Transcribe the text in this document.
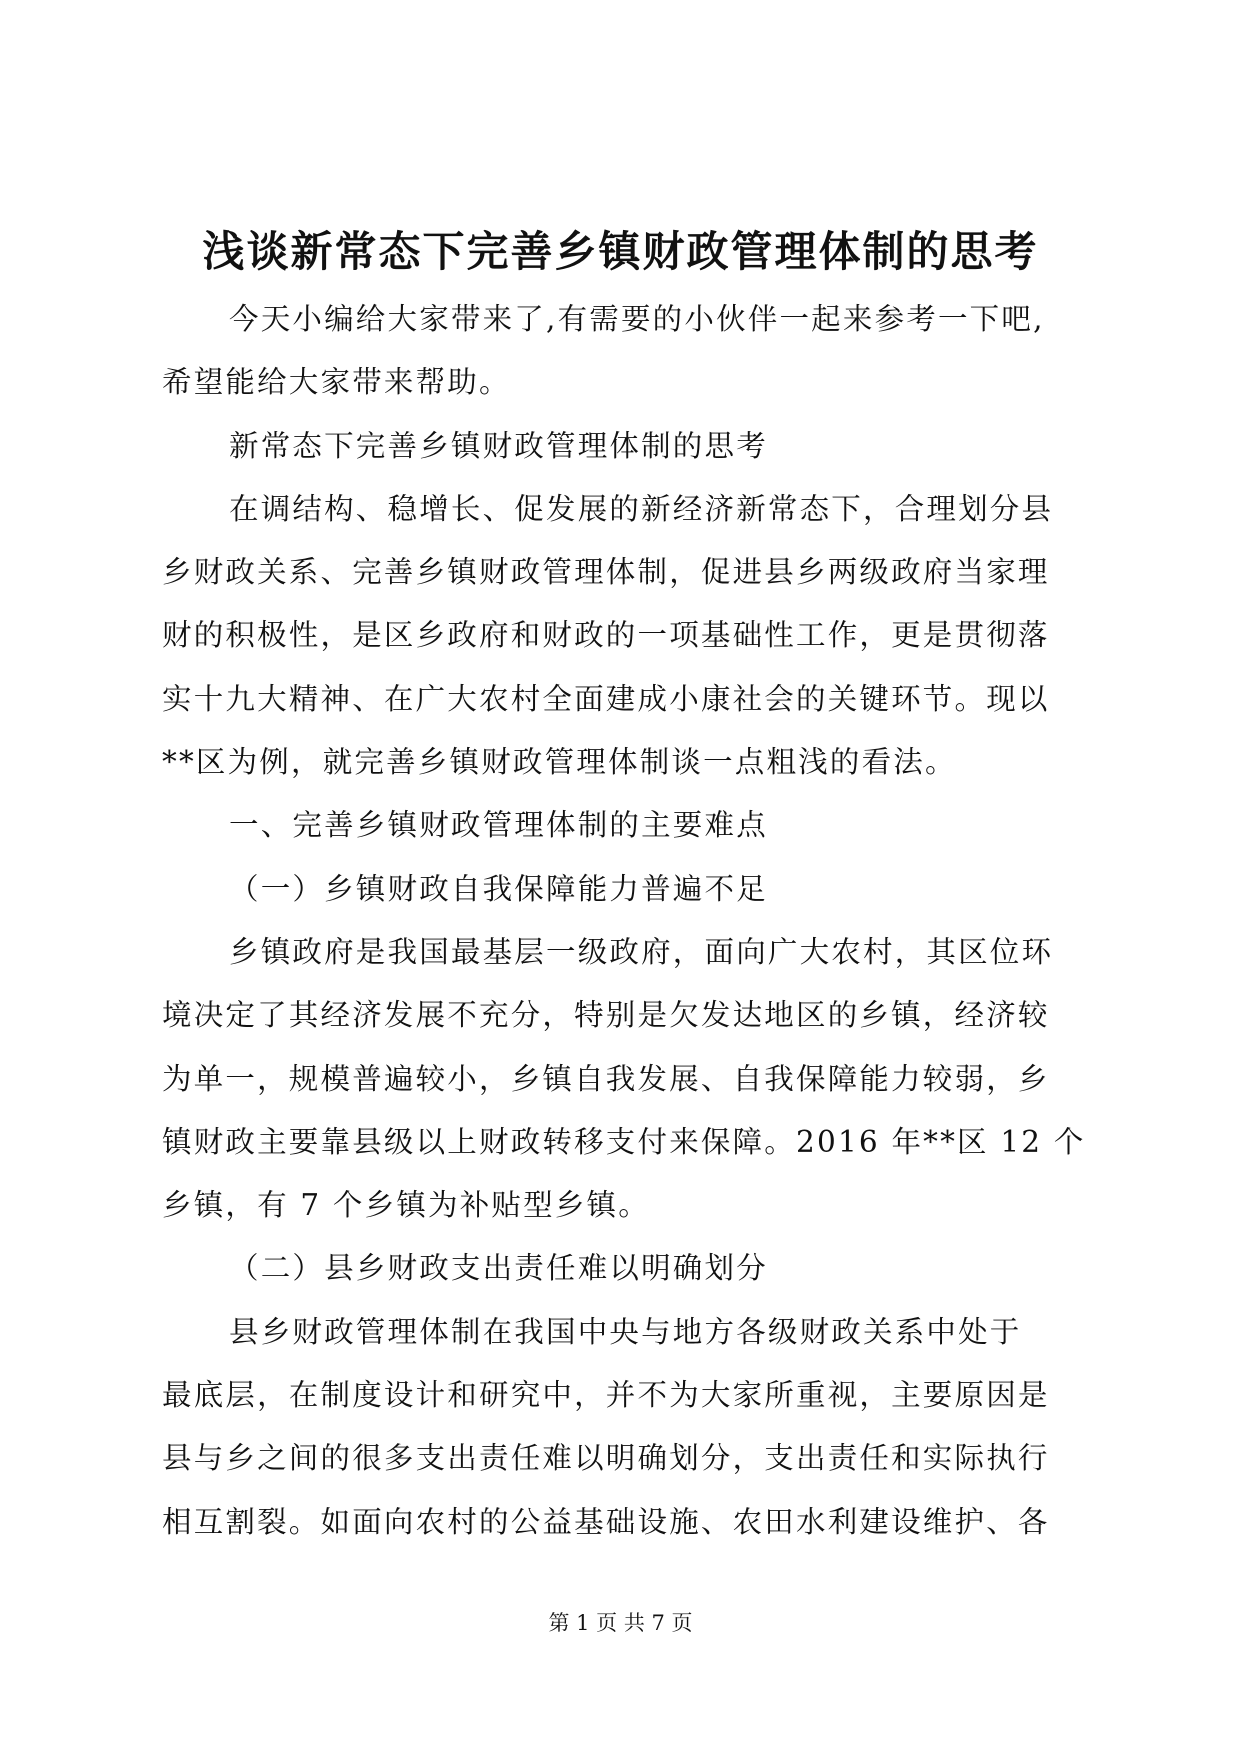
浅谈新常态下完善乡镇财政管理体制的思考
今天小编给大家带来了,有需要的小伙伴一起来参考一下吧,
希望能给大家带来帮助。
新常态下完善乡镇财政管理体制的思考
在调结构、稳增长、促发展的新经济新常态下，合理划分县
乡财政关系、完善乡镇财政管理体制，促进县乡两级政府当家理
财的积极性，是区乡政府和财政的一项基础性工作，更是贯彻落
实十九大精神、在广大农村全面建成小康社会的关键环节。现以
**区为例，就完善乡镇财政管理体制谈一点粗浅的看法。
一、完善乡镇财政管理体制的主要难点
（一）乡镇财政自我保障能力普遍不足
乡镇政府是我国最基层一级政府，面向广大农村，其区位环
境决定了其经济发展不充分，特别是欠发达地区的乡镇，经济较
为单一，规模普遍较小，乡镇自我发展、自我保障能力较弱，乡
镇财政主要靠县级以上财政转移支付来保障。2016 年**区 12 个
乡镇，有 7 个乡镇为补贴型乡镇。
（二）县乡财政支出责任难以明确划分
县乡财政管理体制在我国中央与地方各级财政关系中处于
最底层，在制度设计和研究中，并不为大家所重视，主要原因是
县与乡之间的很多支出责任难以明确划分，支出责任和实际执行
相互割裂。如面向农村的公益基础设施、农田水利建设维护、各
第 1 页 共 7 页
